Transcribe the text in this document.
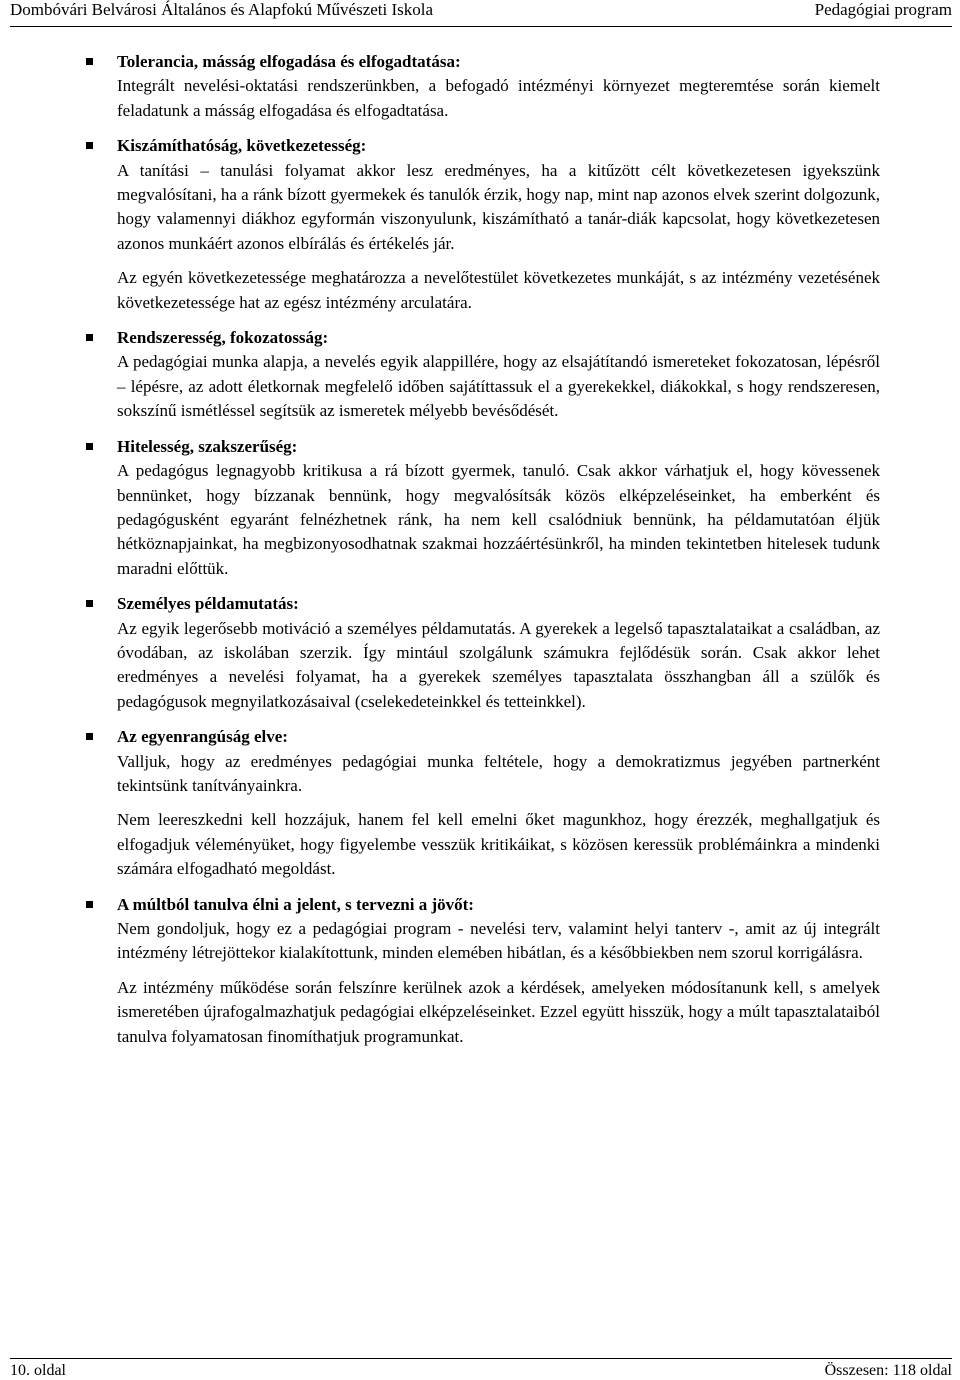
Dombóvári Belvárosi Általános és Alapfokú Művészeti Iskola	Pedagógiai program

Tolerancia, másság elfogadása és elfogadtatása:

Integrált nevelési-oktatási rendszerünkben, a befogadó intézményi környezet megteremtése során kiemelt feladatunk a másság elfogadása és elfogadtatása.

Kiszámíthatóság, következetesség:

A tanítási – tanulási folyamat akkor lesz eredményes, ha a kitűzött célt következetesen igyekszünk megvalósítani, ha a ránk bízott gyermekek és tanulók érzik, hogy nap, mint nap azonos elvek szerint dolgozunk, hogy valamennyi diákhoz egyformán viszonyulunk, kiszámítható a tanár-diák kapcsolat, hogy következetesen azonos munkáért azonos elbírálás és értékelés jár.

Az egyén következetessége meghatározza a nevelőtestület következetes munkáját, s az intézmény vezetésének következetessége hat az egész intézmény arculatára.

Rendszeresség, fokozatosság:

A pedagógiai munka alapja, a nevelés egyik alappillére, hogy az elsajátítandó ismereteket fokozatosan, lépésről – lépésre, az adott életkornak megfelelő időben sajátíttassuk el a gyerekekkel, diákokkal, s hogy rendszeresen, sokszínű ismétléssel segítsük az ismeretek mélyebb bevésődését.

Hitelesség, szakszerűség:

A pedagógus legnagyobb kritikusa a rá bízott gyermek, tanuló. Csak akkor várhatjuk el, hogy kövessenek bennünket, hogy bízzanak bennünk, hogy megvalósítsák közös elképzeléseinket, ha emberként és pedagógusként egyaránt felnézhetnek ránk, ha nem kell csalódniuk bennünk, ha példamutatóan éljük hétköznapjainkat, ha megbizonyosodhatnak szakmai hozzáértésünkről, ha minden tekintetben hitelesek tudunk maradni előttük.

Személyes példamutatás:

Az egyik legerősebb motiváció a személyes példamutatás. A gyerekek a legelső tapasztalataikat a családban, az óvodában, az iskolában szerzik. Így mintául szolgálunk számukra fejlődésük során. Csak akkor lehet eredményes a nevelési folyamat, ha a gyerekek személyes tapasztalata összhangban áll a szülők és pedagógusok megnyilatkozásaival (cselekedeteinkkel és tetteinkkel).

Az egyenrangúság elve:

Valljuk, hogy az eredményes pedagógiai munka feltétele, hogy a demokratizmus jegyében partnerként tekintsünk tanítványainkra.

Nem leereszkedni kell hozzájuk, hanem fel kell emelni őket magunkhoz, hogy érezzék, meghallgatjuk és elfogadjuk véleményüket, hogy figyelembe vesszük kritikáikat, s közösen keressük problémáinkra a mindenki számára elfogadható megoldást.

A múltból tanulva élni a jelent, s tervezni a jövőt:

Nem gondoljuk, hogy ez a pedagógiai program - nevelési terv, valamint helyi tanterv -, amit az új integrált intézmény létrejöttekor kialakítottunk, minden elemében hibátlan, és a későbbiekben nem szorul korrigálásra.

Az intézmény működése során felszínre kerülnek azok a kérdések, amelyeken módosítanunk kell, s amelyek ismeretében újrafogalmazhatjuk pedagógiai elképzeléseinket. Ezzel együtt hisszük, hogy a múlt tapasztalataiból tanulva folyamatosan finomíthatjuk programunkat.

10. oldal	Összesen: 118 oldal
